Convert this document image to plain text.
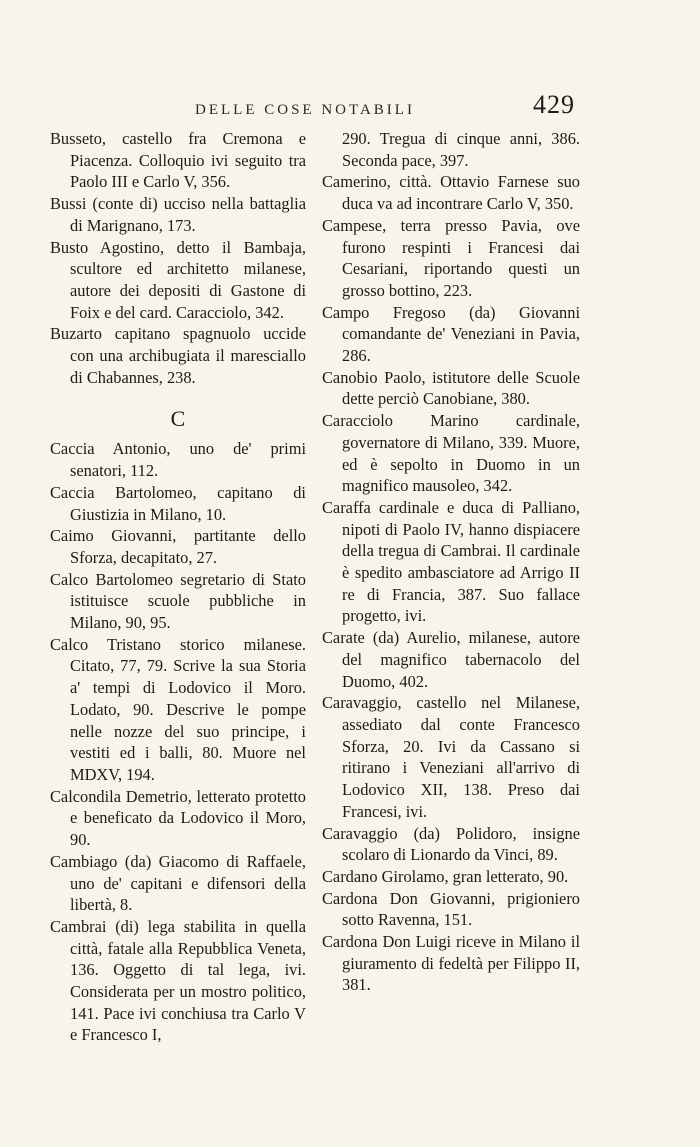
DELLE COSE NOTABILI	429
Busseto, castello fra Cremona e Piacenza. Colloquio ivi seguito tra Paolo III e Carlo V, 356.
Bussi (conte di) ucciso nella battaglia di Marignano, 173.
Busto Agostino, detto il Bambaja, scultore ed architetto milanese, autore dei depositi di Gastone di Foix e del card. Caracciolo, 342.
Buzarto capitano spagnuolo uccide con una archibugiata il maresciallo di Chabannes, 238.
C
Caccia Antonio, uno de' primi senatori, 112.
Caccia Bartolomeo, capitano di Giustizia in Milano, 10.
Caimo Giovanni, partitante dello Sforza, decapitato, 27.
Calco Bartolomeo segretario di Stato istituisce scuole pubbliche in Milano, 90, 95.
Calco Tristano storico milanese. Citato, 77, 79. Scrive la sua Storia a' tempi di Lodovico il Moro. Lodato, 90. Descrive le pompe nelle nozze del suo principe, i vestiti ed i balli, 80. Muore nel MDXV, 194.
Calcondila Demetrio, letterato protetto e beneficato da Lodovico il Moro, 90.
Cambiago (da) Giacomo di Raffaele, uno de' capitani e difensori della libertà, 8.
Cambrai (di) lega stabilita in quella città, fatale alla Repubblica Veneta, 136. Oggetto di tal lega, ivi. Considerata per un mostro politico, 141. Pace ivi conchiusa tra Carlo V e Francesco I,
290. Tregua di cinque anni, 386. Seconda pace, 397.
Camerino, città. Ottavio Farnese suo duca va ad incontrare Carlo V, 350.
Campese, terra presso Pavia, ove furono respinti i Francesi dai Cesariani, riportando questi un grosso bottino, 223.
Campo Fregoso (da) Giovanni comandante de' Veneziani in Pavia, 286.
Canobio Paolo, istitutore delle Scuole dette perciò Canobiane, 380.
Caracciolo Marino cardinale, governatore di Milano, 339. Muore, ed è sepolto in Duomo in un magnifico mausoleo, 342.
Caraffa cardinale e duca di Palliano, nipoti di Paolo IV, hanno dispiacere della tregua di Cambrai. Il cardinale è spedito ambasciatore ad Arrigo II re di Francia, 387. Suo fallace progetto, ivi.
Carate (da) Aurelio, milanese, autore del magnifico tabernacolo del Duomo, 402.
Caravaggio, castello nel Milanese, assediato dal conte Francesco Sforza, 20. Ivi da Cassano si ritirano i Veneziani all'arrivo di Lodovico XII, 138. Preso dai Francesi, ivi.
Caravaggio (da) Polidoro, insigne scolaro di Lionardo da Vinci, 89.
Cardano Girolamo, gran letterato, 90.
Cardona Don Giovanni, prigioniero sotto Ravenna, 151.
Cardona Don Luigi riceve in Milano il giuramento di fedeltà per Filippo II, 381.
